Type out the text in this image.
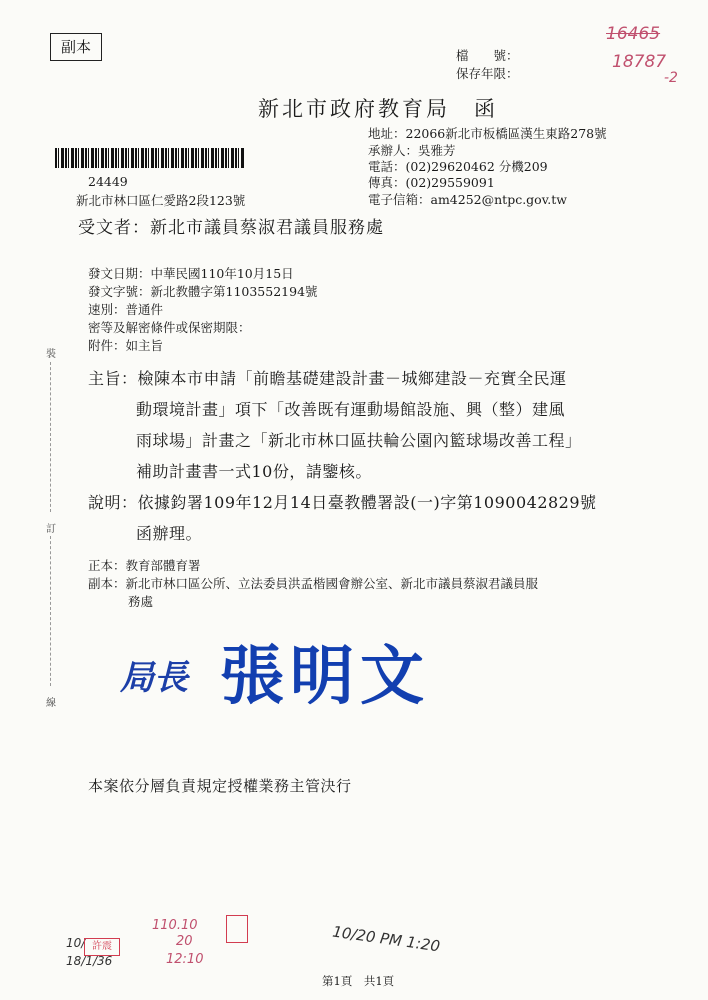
副本	檔　　號：
保存年限：
16465
18787
-2
新北市政府教育局　函
地址：22066新北市板橋區漢生東路278號
承辦人：吳雅芳
電話：(02)29620462 分機209
傳真：(02)29559091
電子信箱：am4252@ntpc.gov.tw
24449
新北市林口區仁愛路2段123號
受文者：新北市議員蔡淑君議員服務處
發文日期：中華民國110年10月15日
發文字號：新北教體字第1103552194號
速別：普通件
密等及解密條件或保密期限：
附件：如主旨
裝
訂
線
主旨：檢陳本市申請「前瞻基礎建設計畫－城鄉建設－充實全民運
動環境計畫」項下「改善既有運動場館設施、興（整）建風
雨球場」計畫之「新北市林口區扶輪公園內籃球場改善工程」
補助計畫書一式10份，請鑒核。
說明：依據鈞署109年12月14日臺教體署設(一)字第1090042829號
函辦理。
正本：教育部體育署
副本：新北市林口區公所、立法委員洪孟楷國會辦公室、新北市議員蔡淑君議員服
務處
局長 張明文
本案依分層負責規定授權業務主管決行
10/
18/1/36
許震
110.10
20
12:10
10/20 PM 1:20
第1頁　共1頁
